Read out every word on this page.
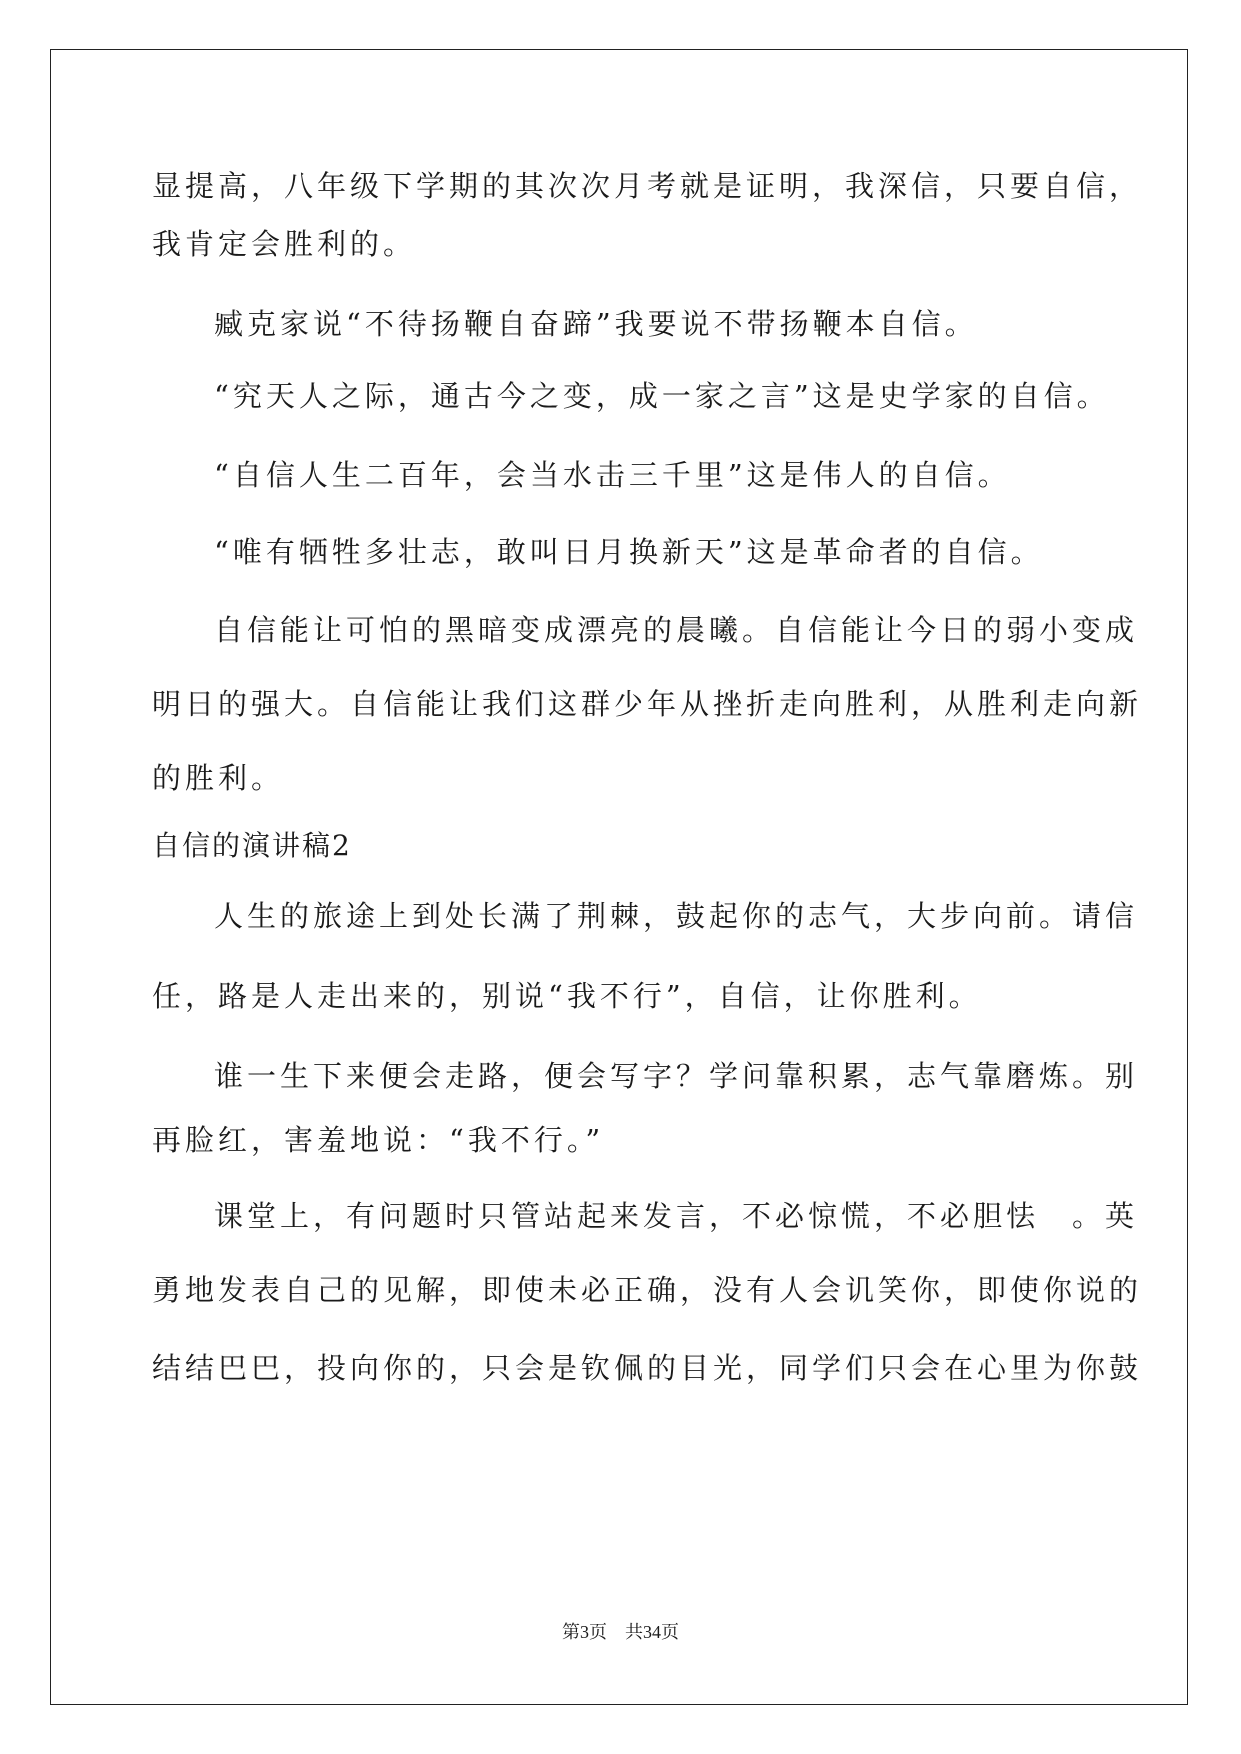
显提高，八年级下学期的其次次月考就是证明，我深信，只要自信，
我肯定会胜利的。
臧克家说“不待扬鞭自奋蹄”我要说不带扬鞭本自信。
“究天人之际，通古今之变，成一家之言”这是史学家的自信。
“自信人生二百年，会当水击三千里”这是伟人的自信。
“唯有牺牲多壮志，敢叫日月换新天”这是革命者的自信。
自信能让可怕的黑暗变成漂亮的晨曦。自信能让今日的弱小变成
明日的强大。自信能让我们这群少年从挫折走向胜利，从胜利走向新
的胜利。
自信的演讲稿2
人生的旅途上到处长满了荆棘，鼓起你的志气，大步向前。请信
任，路是人走出来的，别说“我不行”，自信，让你胜利。
谁一生下来便会走路，便会写字？学问靠积累，志气靠磨炼。别
再脸红，害羞地说：“我不行。”
课堂上，有问题时只管站起来发言，不必惊慌，不必胆怯　。英
勇地发表自己的见解，即使未必正确，没有人会讥笑你，即使你说的
结结巴巴，投向你的，只会是钦佩的目光，同学们只会在心里为你鼓
第3页　共34页
